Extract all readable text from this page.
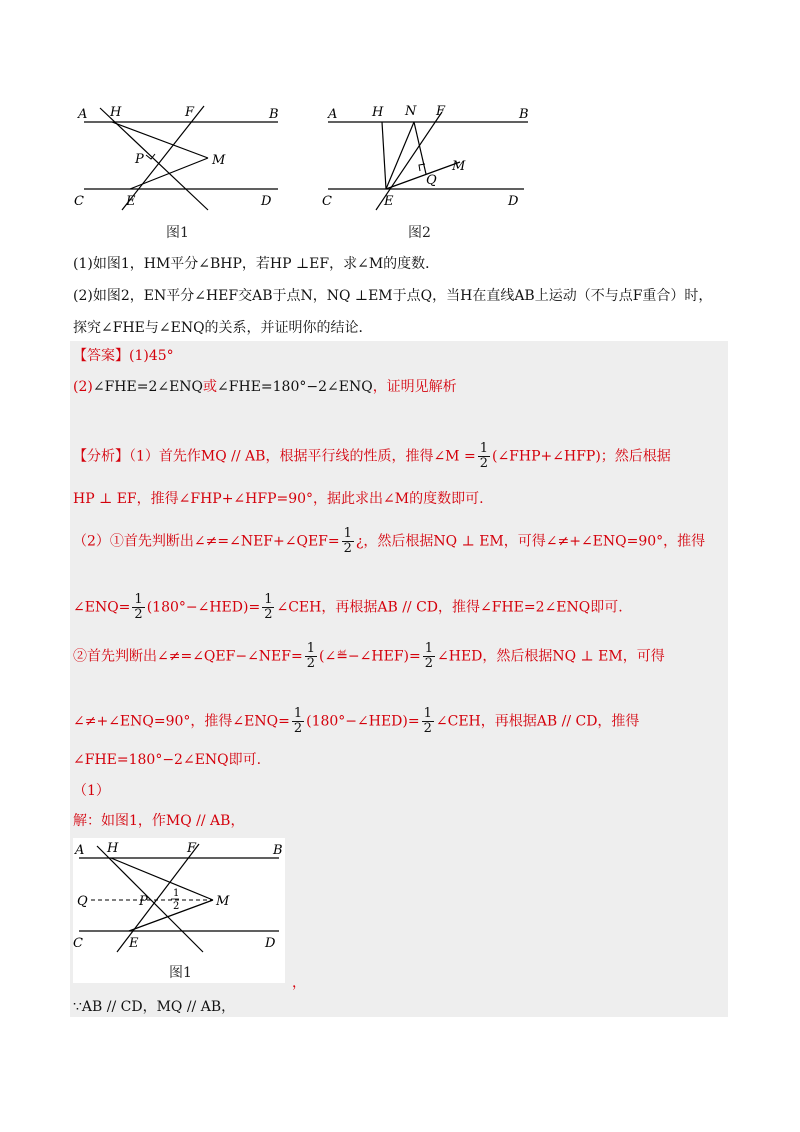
A H	F	B
P	M
C	E	D
图1
A	H N F	B
Q
M
C	E	D
图2
(1)如图1，HM平分∠BHP，若HP ⊥EF，求∠M的度数．
(2)如图2，EN平分∠HEF交AB于点N，NQ ⊥EM于点Q，当H在直线AB上运动（不与点F重合）时，
探究∠FHE与∠ENQ的关系，并证明你的结论．
【答案】(1)45°
(2)∠FHE=2∠ENQ或∠FHE=180°−2∠ENQ，证明见解析
【分析】（1）首先作MQ // AB，根据平行线的性质，推得∠M = $\frac{1}{2}$ (∠FHP+∠HFP)；然后根据
HP ⊥ EF，推得∠FHP+∠HFP=90°，据此求出∠M的度数即可.
（2）①首先判断出∠≠=∠NEF+∠QEF= $\frac{1}{2}$ ¿，然后根据NQ ⊥ EM，可得∠≠+∠ENQ=90°，推得
∠ENQ= $\frac{1}{2}$ (180°−∠HED)= $\frac{1}{2}$ ∠CEH，再根据AB // CD，推得∠FHE=2∠ENQ即可.
②首先判断出∠≠=∠QEF−∠NEF= $\frac{1}{2}$ (∠≝−∠HEF)= $\frac{1}{2}$ ∠HED，然后根据NQ ⊥ EM，可得
∠≠+∠ENQ=90°，推得∠ENQ= $\frac{1}{2}$ (180°−∠HED)= $\frac{1}{2}$ ∠CEH，再根据AB // CD，推得
∠FHE=180°−2∠ENQ即可.
（1）
解：如图1，作MQ // AB，
A H	F	B
Q	P
1
2	M
C	E	D
图1
，
∵AB // CD，MQ // AB，
